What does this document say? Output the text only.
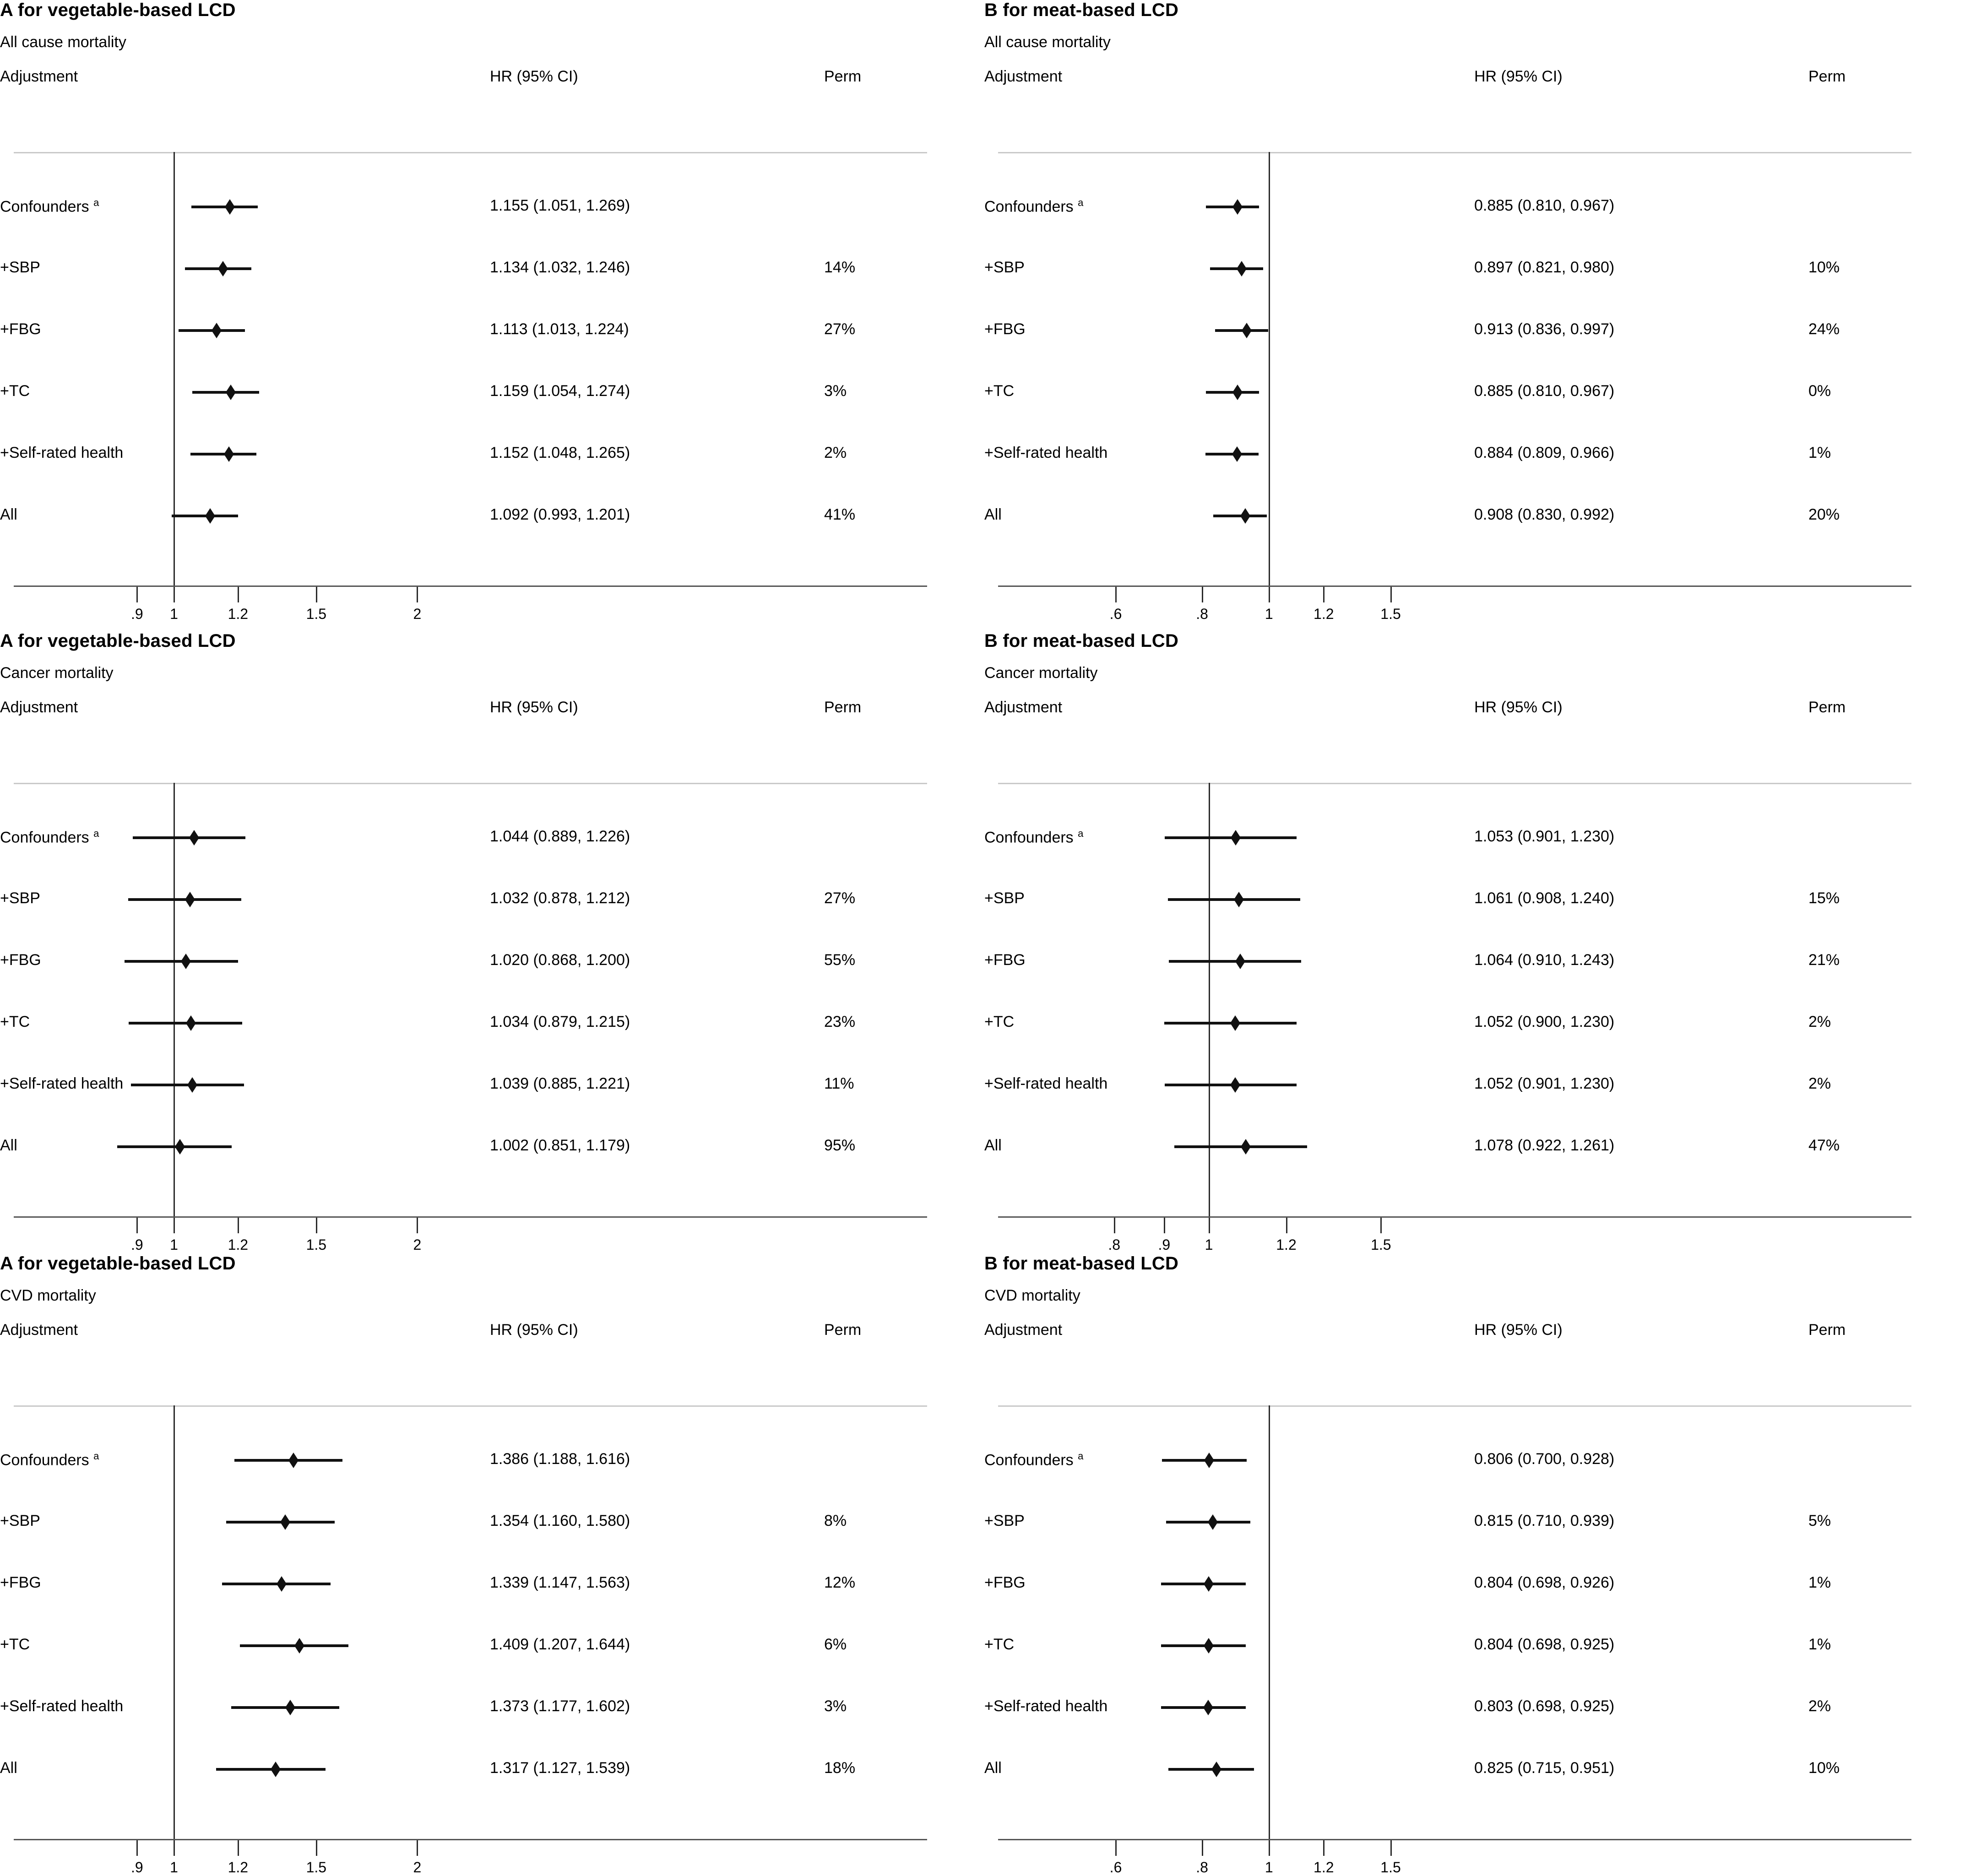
A for vegetable-based LCD
All cause mortality
Adjustment	HR (95% CI)	Perm
.9	1	1.2	1.5	2
Confounders $^a$	1.155 (1.051, 1.269)
+SBP	1.134 (1.032, 1.246)	14%
+FBG	1.113 (1.013, 1.224)	27%
+TC	1.159 (1.054, 1.274)	3%
+Self-rated health	1.152 (1.048, 1.265)	2%
All	1.092 (0.993, 1.201)	41%
B for meat-based LCD
All cause mortality
Adjustment	HR (95% CI)	Perm
.6	.8	1	1.2	1.5
Confounders $^a$	0.885 (0.810, 0.967)
+SBP	0.897 (0.821, 0.980)	10%
+FBG	0.913 (0.836, 0.997)	24%
+TC	0.885 (0.810, 0.967)	0%
+Self-rated health	0.884 (0.809, 0.966)	1%
All	0.908 (0.830, 0.992)	20%
A for vegetable-based LCD
Cancer mortality
Adjustment	HR (95% CI)	Perm
.9	1	1.2	1.5	2
Confounders $^a$	1.044 (0.889, 1.226)
+SBP	1.032 (0.878, 1.212)	27%
+FBG	1.020 (0.868, 1.200)	55%
+TC	1.034 (0.879, 1.215)	23%
+Self-rated health	1.039 (0.885, 1.221)	11%
All	1.002 (0.851, 1.179)	95%
B for meat-based LCD
Cancer mortality
Adjustment	HR (95% CI)	Perm
.8	.9	1	1.2	1.5
Confounders $^a$	1.053 (0.901, 1.230)
+SBP	1.061 (0.908, 1.240)	15%
+FBG	1.064 (0.910, 1.243)	21%
+TC	1.052 (0.900, 1.230)	2%
+Self-rated health	1.052 (0.901, 1.230)	2%
All	1.078 (0.922, 1.261)	47%
A for vegetable-based LCD
CVD mortality
Adjustment	HR (95% CI)	Perm
.9	1	1.2	1.5	2
Confounders $^a$	1.386 (1.188, 1.616)
+SBP	1.354 (1.160, 1.580)	8%
+FBG	1.339 (1.147, 1.563)	12%
+TC	1.409 (1.207, 1.644)	6%
+Self-rated health	1.373 (1.177, 1.602)	3%
All	1.317 (1.127, 1.539)	18%
B for meat-based LCD
CVD mortality
Adjustment	HR (95% CI)	Perm
.6	.8	1	1.2	1.5
Confounders $^a$	0.806 (0.700, 0.928)
+SBP	0.815 (0.710, 0.939)	5%
+FBG	0.804 (0.698, 0.926)	1%
+TC	0.804 (0.698, 0.925)	1%
+Self-rated health	0.803 (0.698, 0.925)	2%
All	0.825 (0.715, 0.951)	10%
